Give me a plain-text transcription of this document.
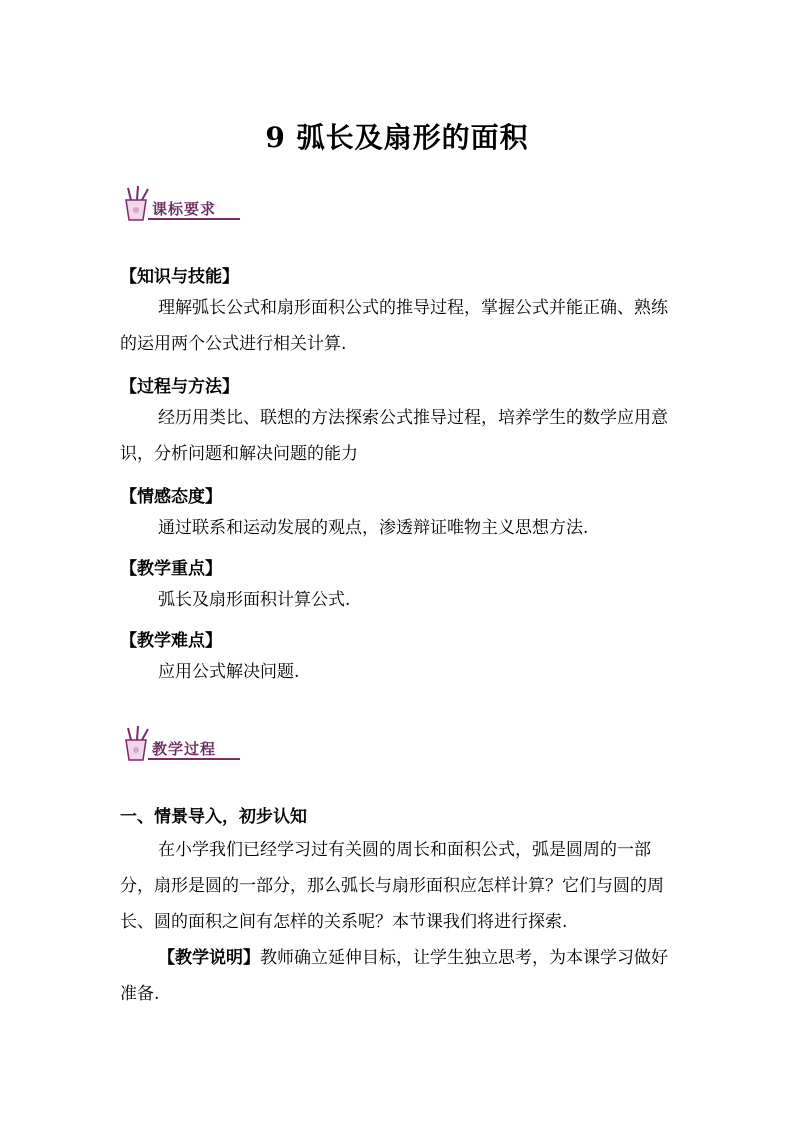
9 弧长及扇形的面积
课标要求
【知识与技能】
理解弧长公式和扇形面积公式的推导过程，掌握公式并能正确、熟练的运用两个公式进行相关计算.
【过程与方法】
经历用类比、联想的方法探索公式推导过程，培养学生的数学应用意识，分析问题和解决问题的能力
【情感态度】
通过联系和运动发展的观点，渗透辩证唯物主义思想方法.
【教学重点】
弧长及扇形面积计算公式.
【教学难点】
应用公式解决问题.
教学过程
一、情景导入，初步认知
在小学我们已经学习过有关圆的周长和面积公式，弧是圆周的一部分，扇形是圆的一部分，那么弧长与扇形面积应怎样计算？它们与圆的周长、圆的面积之间有怎样的关系呢？本节课我们将进行探索.
【教学说明】教师确立延伸目标，让学生独立思考，为本课学习做好准备.
